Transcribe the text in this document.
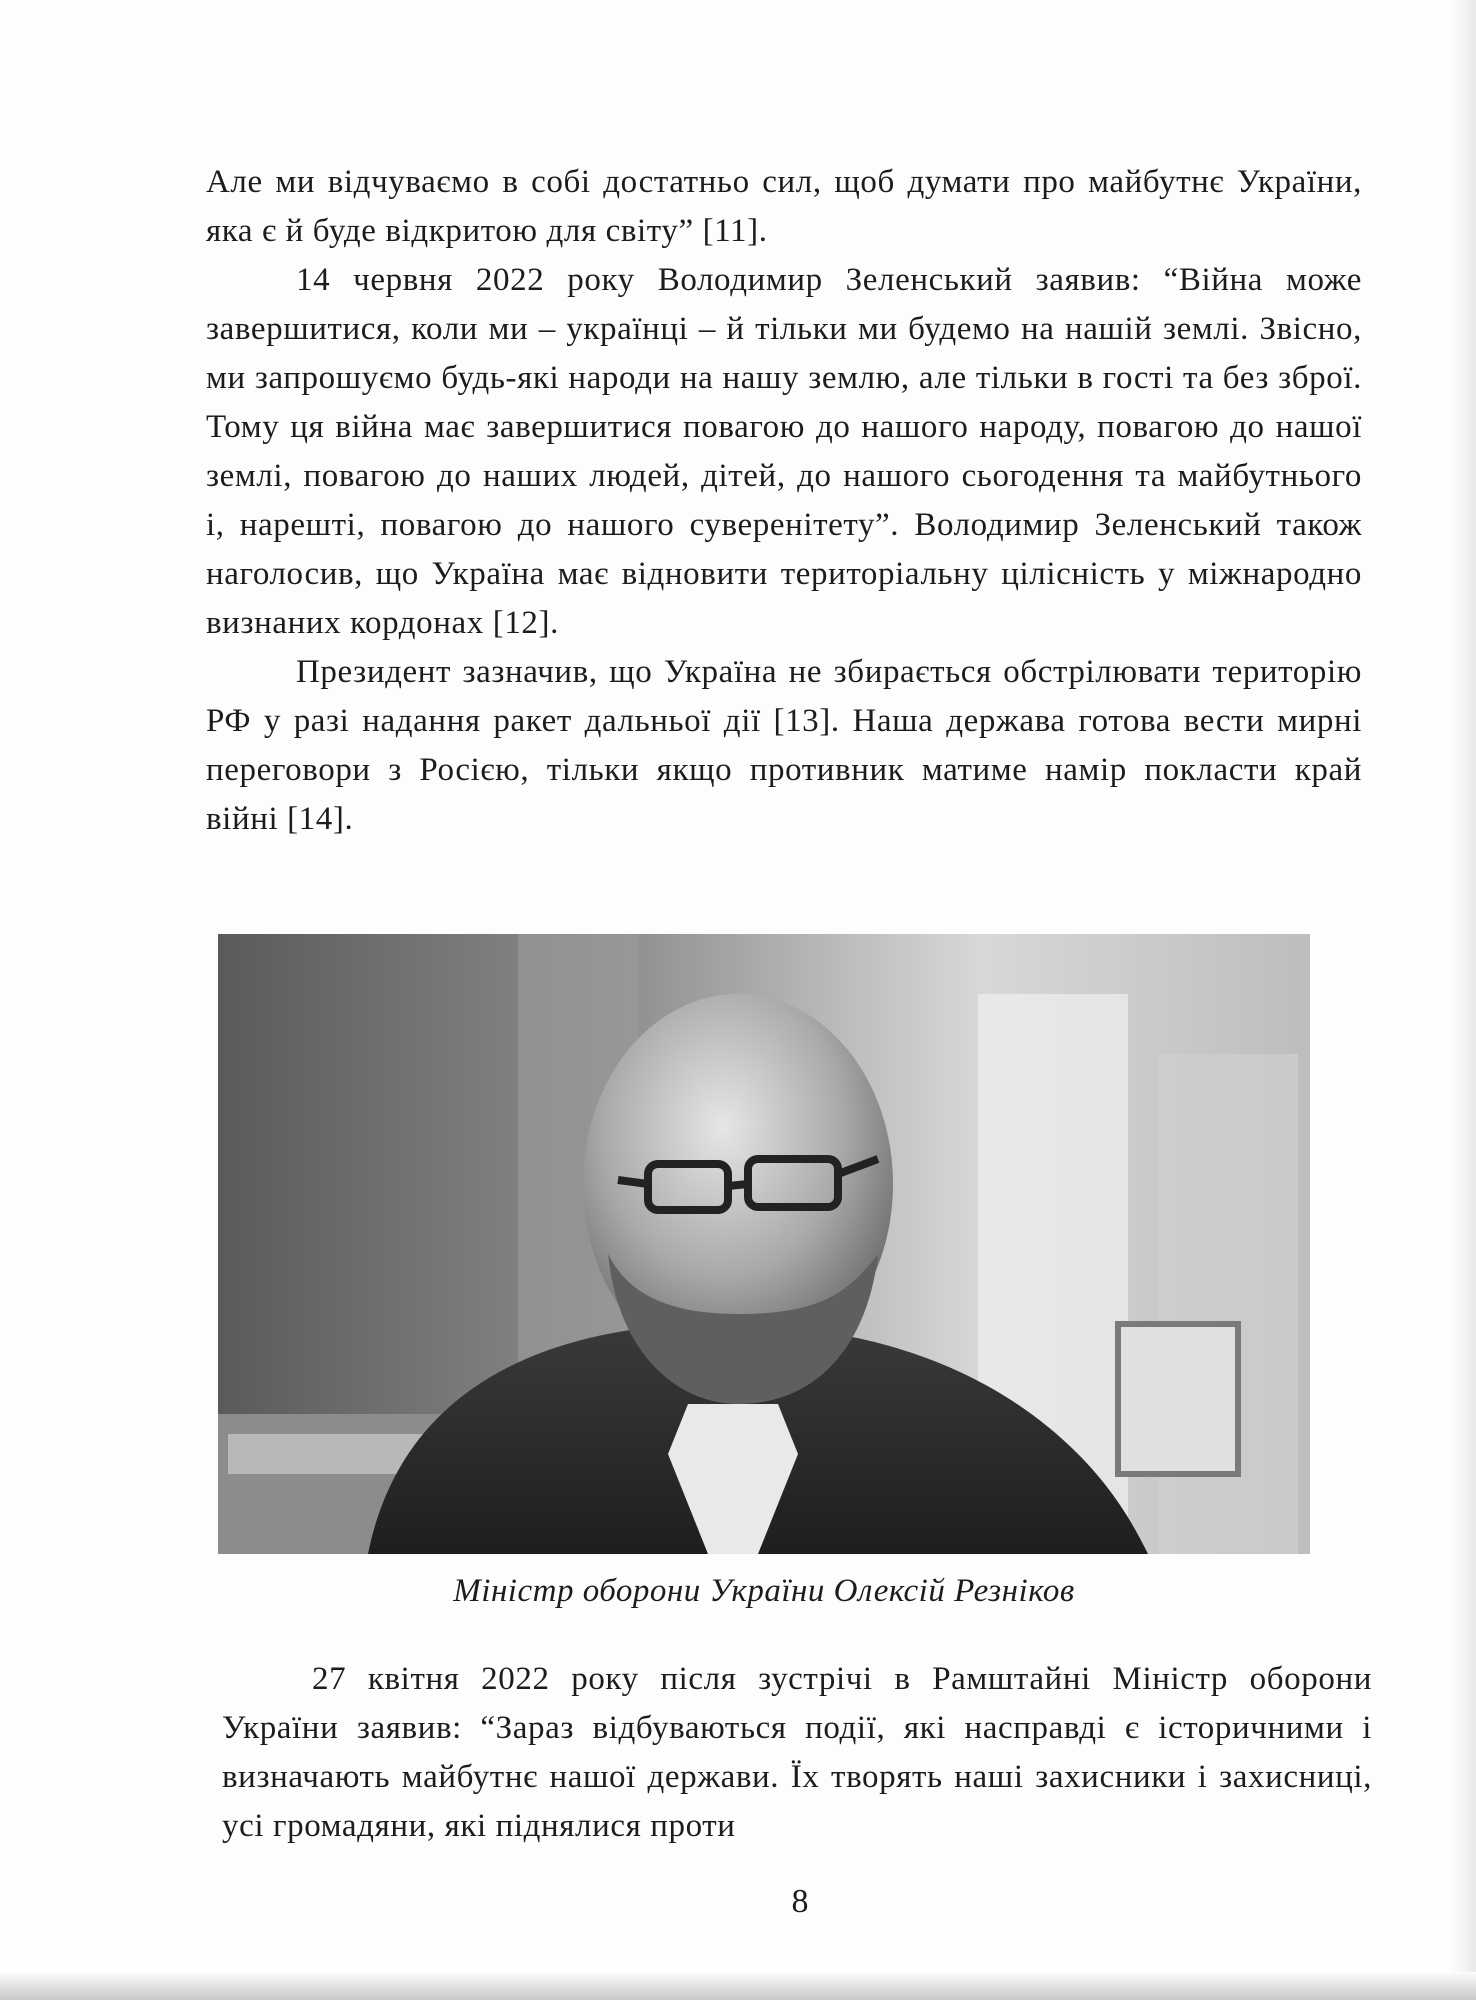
Але ми відчуваємо в собі достатньо сил, щоб думати про майбутнє України, яка є й буде відкритою для світу” [11].

14 червня 2022 року Володимир Зеленський заявив: “Війна може завершитися, коли ми – українці – й тільки ми будемо на нашій землі. Звісно, ми запрошуємо будь-які народи на нашу землю, але тільки в гості та без зброї. Тому ця війна має завершитися повагою до нашого народу, повагою до нашої землі, повагою до наших людей, дітей, до нашого сьогодення та майбутнього і, нарешті, повагою до нашого суверенітету”. Володимир Зеленський також наголосив, що Україна має відновити територіальну цілісність у міжнародно визнаних кордонах [12].

Президент зазначив, що Україна не збирається обстрілювати територію РФ у разі надання ракет дальньої дії [13]. Наша держава готова вести мирні переговори з Росією, тільки якщо противник матиме намір покласти край війні [14].

Міністр оборони України Олексій Резніков

27 квітня 2022 року після зустрічі в Рамштайні Міністр оборони України заявив: “Зараз відбуваються події, які насправді є історичними і визначають майбутнє нашої держави. Їх творять наші захисники і захисниці, усі громадяни, які піднялися проти

8
